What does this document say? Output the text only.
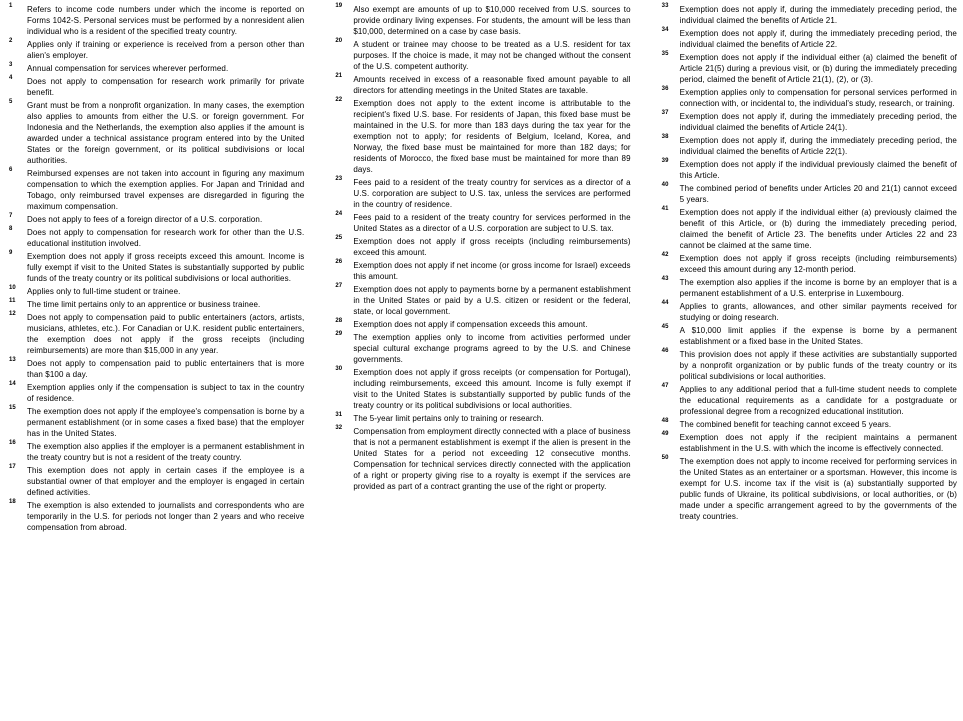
1 Refers to income code numbers under which the income is reported on Forms 1042-S. Personal services must be performed by a nonresident alien individual who is a resident of the specified treaty country.
2 Applies only if training or experience is received from a person other than alien's employer.
3 Annual compensation for services wherever performed.
4 Does not apply to compensation for research work primarily for private benefit.
5 Grant must be from a nonprofit organization. In many cases, the exemption also applies to amounts from either the U.S. or foreign government. For Indonesia and the Netherlands, the exemption also applies if the amount is awarded under a technical assistance program entered into by the United States or the foreign government, or its political subdivisions or local authorities.
6 Reimbursed expenses are not taken into account in figuring any maximum compensation to which the exemption applies. For Japan and Trinidad and Tobago, only reimbursed travel expenses are disregarded in figuring the maximum compensation.
7 Does not apply to fees of a foreign director of a U.S. corporation.
8 Does not apply to compensation for research work for other than the U.S. educational institution involved.
9 Exemption does not apply if gross receipts exceed this amount. Income is fully exempt if visit to the United States is substantially supported by public funds of the treaty country or its political subdivisions or local authorities.
10 Applies only to full-time student or trainee.
11 The time limit pertains only to an apprentice or business trainee.
12 Does not apply to compensation paid to public entertainers (actors, artists, musicians, athletes, etc.). For Canadian or U.K. resident public entertainers, the exemption does not apply if the gross receipts (including reimbursements) are more than $15,000 in any year.
13 Does not apply to compensation paid to public entertainers that is more than $100 a day.
14 Exemption applies only if the compensation is subject to tax in the country of residence.
15 The exemption does not apply if the employee's compensation is borne by a permanent establishment (or in some cases a fixed base) that the employer has in the United States.
16 The exemption also applies if the employer is a permanent establishment in the treaty country but is not a resident of the treaty country.
17 This exemption does not apply in certain cases if the employee is a substantial owner of that employer and the employer is engaged in certain defined activities.
18 The exemption is also extended to journalists and correspondents who are temporarily in the U.S. for periods not longer than 2 years and who receive compensation from abroad.
19 Also exempt are amounts of up to $10,000 received from U.S. sources to provide ordinary living expenses. For students, the amount will be less than $10,000, determined on a case by case basis.
20 A student or trainee may choose to be treated as a U.S. resident for tax purposes. If the choice is made, it may not be changed without the consent of the U.S. competent authority.
21 Amounts received in excess of a reasonable fixed amount payable to all directors for attending meetings in the United States are taxable.
22 Exemption does not apply to the extent income is attributable to the recipient's fixed U.S. base. For residents of Japan, this fixed base must be maintained in the U.S. for more than 183 days during the tax year for the exemption not to apply; for residents of Belgium, Iceland, Korea, and Norway, the fixed base must be maintained for more than 182 days; for residents of Morocco, the fixed base must be maintained for more than 89 days.
23 Fees paid to a resident of the treaty country for services as a director of a U.S. corporation are subject to U.S. tax, unless the services are performed in the country of residence.
24 Fees paid to a resident of the treaty country for services performed in the United States as a director of a U.S. corporation are subject to U.S. tax.
25 Exemption does not apply if gross receipts (including reimbursements) exceed this amount.
26 Exemption does not apply if net income (or gross income for Israel) exceeds this amount.
27 Exemption does not apply to payments borne by a permanent establishment in the United States or paid by a U.S. citizen or resident or the federal, state, or local government.
28 Exemption does not apply if compensation exceeds this amount.
29 The exemption applies only to income from activities performed under special cultural exchange programs agreed to by the U.S. and Chinese governments.
30 Exemption does not apply if gross receipts (or compensation for Portugal), including reimbursements, exceed this amount. Income is fully exempt if visit to the United States is substantially supported by public funds of the treaty country or its political subdivisions or local authorities.
31 The 5-year limit pertains only to training or research.
32 Compensation from employment directly connected with a place of business that is not a permanent establishment is exempt if the alien is present in the United States for a period not exceeding 12 consecutive months. Compensation for technical services directly connected with the application of a right or property giving rise to a royalty is exempt if the services are provided as part of a contract granting the use of the right or property.
33 Exemption does not apply if, during the immediately preceding period, the individual claimed the benefits of Article 21.
34 Exemption does not apply if, during the immediately preceding period, the individual claimed the benefits of Article 22.
35 Exemption does not apply if the individual either (a) claimed the benefit of Article 21(5) during a previous visit, or (b) during the immediately preceding period, claimed the benefit of Article 21(1), (2), or (3).
36 Exemption applies only to compensation for personal services performed in connection with, or incidental to, the individual's study, research, or training.
37 Exemption does not apply if, during the immediately preceding period, the individual claimed the benefits of Article 24(1).
38 Exemption does not apply if, during the immediately preceding period, the individual claimed the benefits of Article 22(1).
39 Exemption does not apply if the individual previously claimed the benefit of this Article.
40 The combined period of benefits under Articles 20 and 21(1) cannot exceed 5 years.
41 Exemption does not apply if the individual either (a) previously claimed the benefit of this Article, or (b) during the immediately preceding period, claimed the benefit of Article 23. The benefits under Articles 22 and 23 cannot be claimed at the same time.
42 Exemption does not apply if gross receipts (including reimbursements) exceed this amount during any 12-month period.
43 The exemption also applies if the income is borne by an employer that is a permanent establishment of a U.S. enterprise in Luxembourg.
44 Applies to grants, allowances, and other similar payments received for studying or doing research.
45 A $10,000 limit applies if the expense is borne by a permanent establishment or a fixed base in the United States.
46 This provision does not apply if these activities are substantially supported by a nonprofit organization or by public funds of the treaty country or its political subdivisions or local authorities.
47 Applies to any additional period that a full-time student needs to complete the educational requirements as a candidate for a postgraduate or professional degree from a recognized educational institution.
48 The combined benefit for teaching cannot exceed 5 years.
49 Exemption does not apply if the recipient maintains a permanent establishment in the U.S. with which the income is effectively connected.
50 The exemption does not apply to income received for performing services in the United States as an entertainer or a sportsman. However, this income is exempt for U.S. income tax if the visit is (a) substantially supported by public funds of Ukraine, its political subdivisions, or local authorities, or (b) made under a specific arrangement agreed to by the governments of the treaty countries.
